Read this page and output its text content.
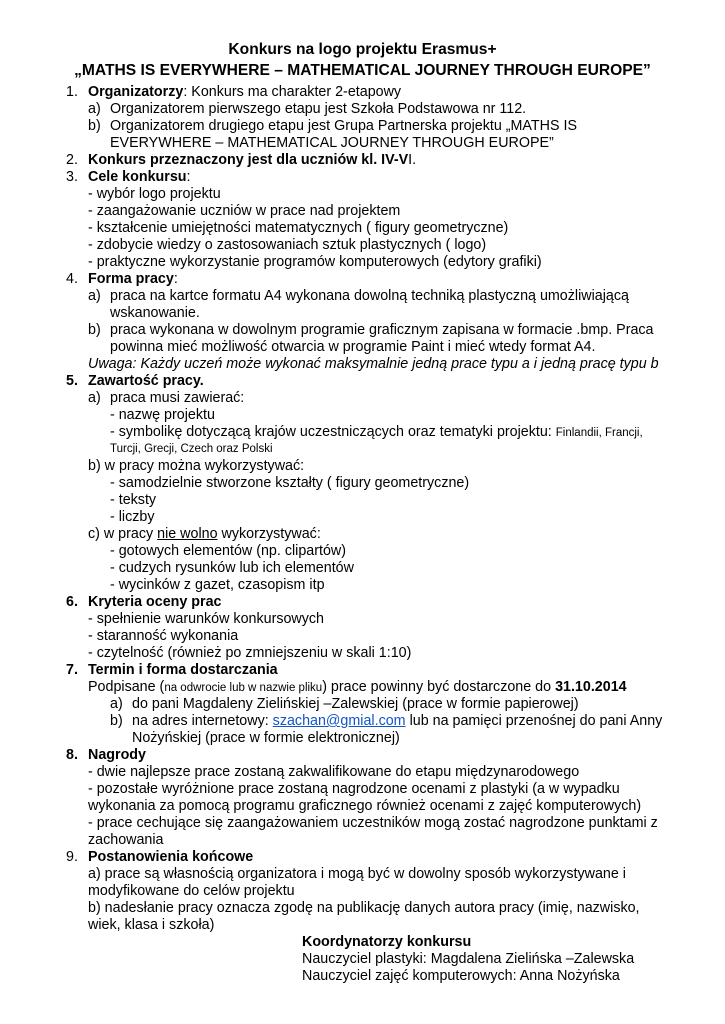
Konkurs na logo projektu Erasmus+
„MATHS IS EVERYWHERE – MATHEMATICAL JOURNEY THROUGH EUROPE”
1. Organizatorzy: Konkurs ma charakter 2-etapowy
a) Organizatorem pierwszego etapu jest Szkoła Podstawowa nr 112.
b) Organizatorem drugiego etapu jest Grupa Partnerska projektu „MATHS IS
EVERYWHERE – MATHEMATICAL JOURNEY THROUGH EUROPE”
2. Konkurs przeznaczony jest dla uczniów kl. IV-VI.
3. Cele konkursu:
- wybór logo projektu
- zaangażowanie uczniów w prace nad projektem
- kształcenie umiejętności matematycznych ( figury geometryczne)
- zdobycie wiedzy o zastosowaniach sztuk plastycznych ( logo)
- praktyczne wykorzystanie programów komputerowych (edytory grafiki)
4. Forma pracy:
a) praca na kartce formatu A4 wykonana dowolną techniką plastyczną umożliwiającą
wskanowanie.
b) praca wykonana w dowolnym programie graficznym zapisana w formacie .bmp. Praca
powinna mieć możliwość otwarcia w programie Paint i mieć wtedy format A4.
Uwaga: Każdy uczeń może wykonać maksymalnie jedną prace typu a i jedną pracę typu b
5. Zawartość pracy.
a) praca musi zawierać:
- nazwę projektu
- symbolikę dotyczącą krajów uczestniczących oraz tematyki projektu: Finlandii, Francji,
Turcji, Grecji, Czech oraz Polski
b) w pracy można wykorzystywać:
- samodzielnie stworzone kształty ( figury geometryczne)
- teksty
- liczby
c) w pracy nie wolno wykorzystywać:
- gotowych elementów (np. clipartów)
- cudzych rysunków lub ich elementów
- wycinków z gazet, czasopism itp
6. Kryteria oceny prac
- spełnienie warunków konkursowych
- staranność wykonania
- czytelność (również po zmniejszeniu w skali 1:10)
7. Termin i forma dostarczania
Podpisane (na odwrocie lub w nazwie pliku) prace powinny być dostarczone do 31.10.2014
a) do pani Magdaleny Zielińskiej –Zalewskiej (prace w formie papierowej)
b) na adres internetowy: szachan@gmial.com lub na pamięci przenośnej do pani Anny
Nożyńskiej (prace w formie elektronicznej)
8. Nagrody
- dwie najlepsze prace zostaną zakwalifikowane do etapu międzynarodowego
- pozostałe wyróżnione prace zostaną nagrodzone ocenami z plastyki (a w wypadku
wykonania za pomocą programu graficznego również ocenami z zajęć komputerowych)
- prace cechujące się zaangażowaniem uczestników mogą zostać nagrodzone punktami z
zachowania
9. Postanowienia końcowe
a) prace są własnością organizatora i mogą być w dowolny sposób wykorzystywane i
modyfikowane do celów projektu
b) nadesłanie pracy oznacza zgodę na publikację danych autora pracy (imię, nazwisko,
wiek, klasa i szkoła)
Koordynatorzy konkursu
Nauczyciel plastyki: Magdalena Zielińska –Zalewska
Nauczyciel zajęć komputerowych: Anna Nożyńska
